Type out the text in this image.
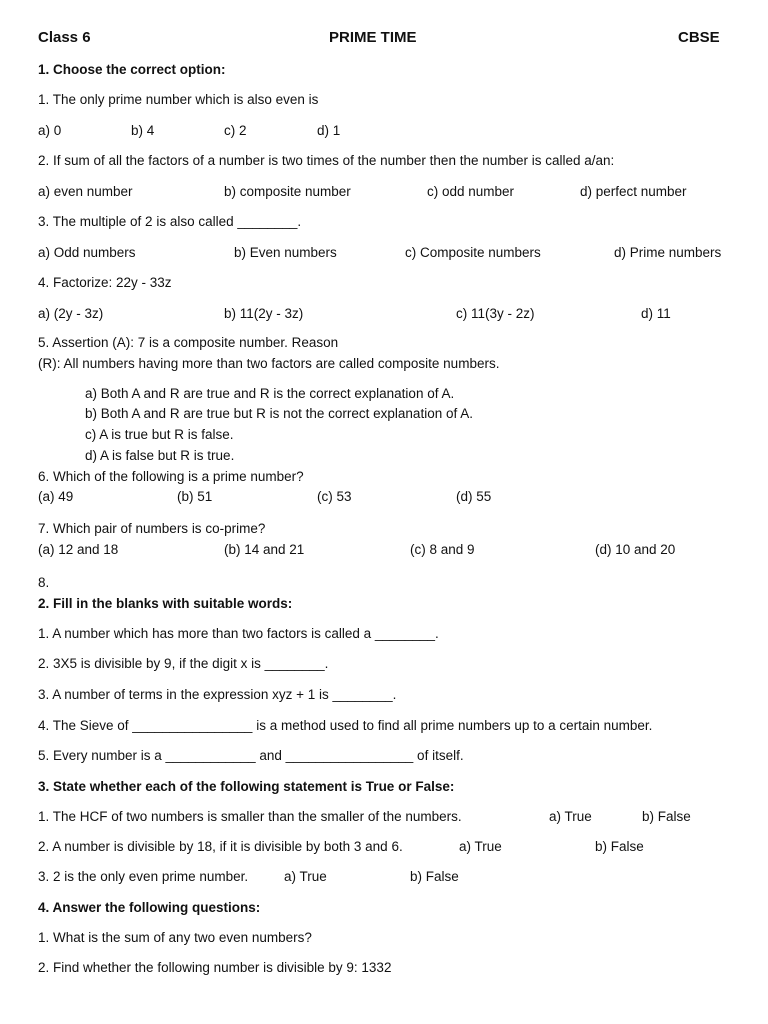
Class 6	PRIME TIME	CBSE
1. Choose the correct option:
1. The only prime number which is also even is
a) 0	b) 4	c) 2	d) 1
2. If sum of all the factors of a number is two times of the number then the number is called a/an:
a) even number	b) composite number	c) odd number	d) perfect number
3. The multiple of 2 is also called ________.
a) Odd numbers	b) Even numbers	c) Composite numbers	d) Prime numbers
4. Factorize: 22y - 33z
a) (2y - 3z)	b) 11(2y - 3z)	c) 11(3y - 2z)	d) 11
5. Assertion (A): 7 is a composite number. Reason
(R): All numbers having more than two factors are called composite numbers.
a) Both A and R are true and R is the correct explanation of A.
b) Both A and R are true but R is not the correct explanation of A.
c) A is true but R is false.
d) A is false but R is true.
6. Which of the following is a prime number?
(a) 49	(b) 51	(c) 53	(d) 55
7. Which pair of numbers is co-prime?
(a) 12 and 18	(b) 14 and 21	(c) 8 and 9	(d) 10 and 20
8.
2. Fill in the blanks with suitable words:
1. A number which has more than two factors is called a ________.
2. 3X5 is divisible by 9, if the digit x is ________.
3. A number of terms in the expression xyz + 1 is ________.
4. The Sieve of ________________ is a method used to find all prime numbers up to a certain number.
5. Every number is a ____________ and _________________ of itself.
3. State whether each of the following statement is True or False:
1. The HCF of two numbers is smaller than the smaller of the numbers.	a) True	b) False
2. A number is divisible by 18, if it is divisible by both 3 and 6.	a) True	b) False
3. 2 is the only even prime number.	a) True	b) False
4. Answer the following questions:
1. What is the sum of any two even numbers?
2. Find whether the following number is divisible by 9: 1332
